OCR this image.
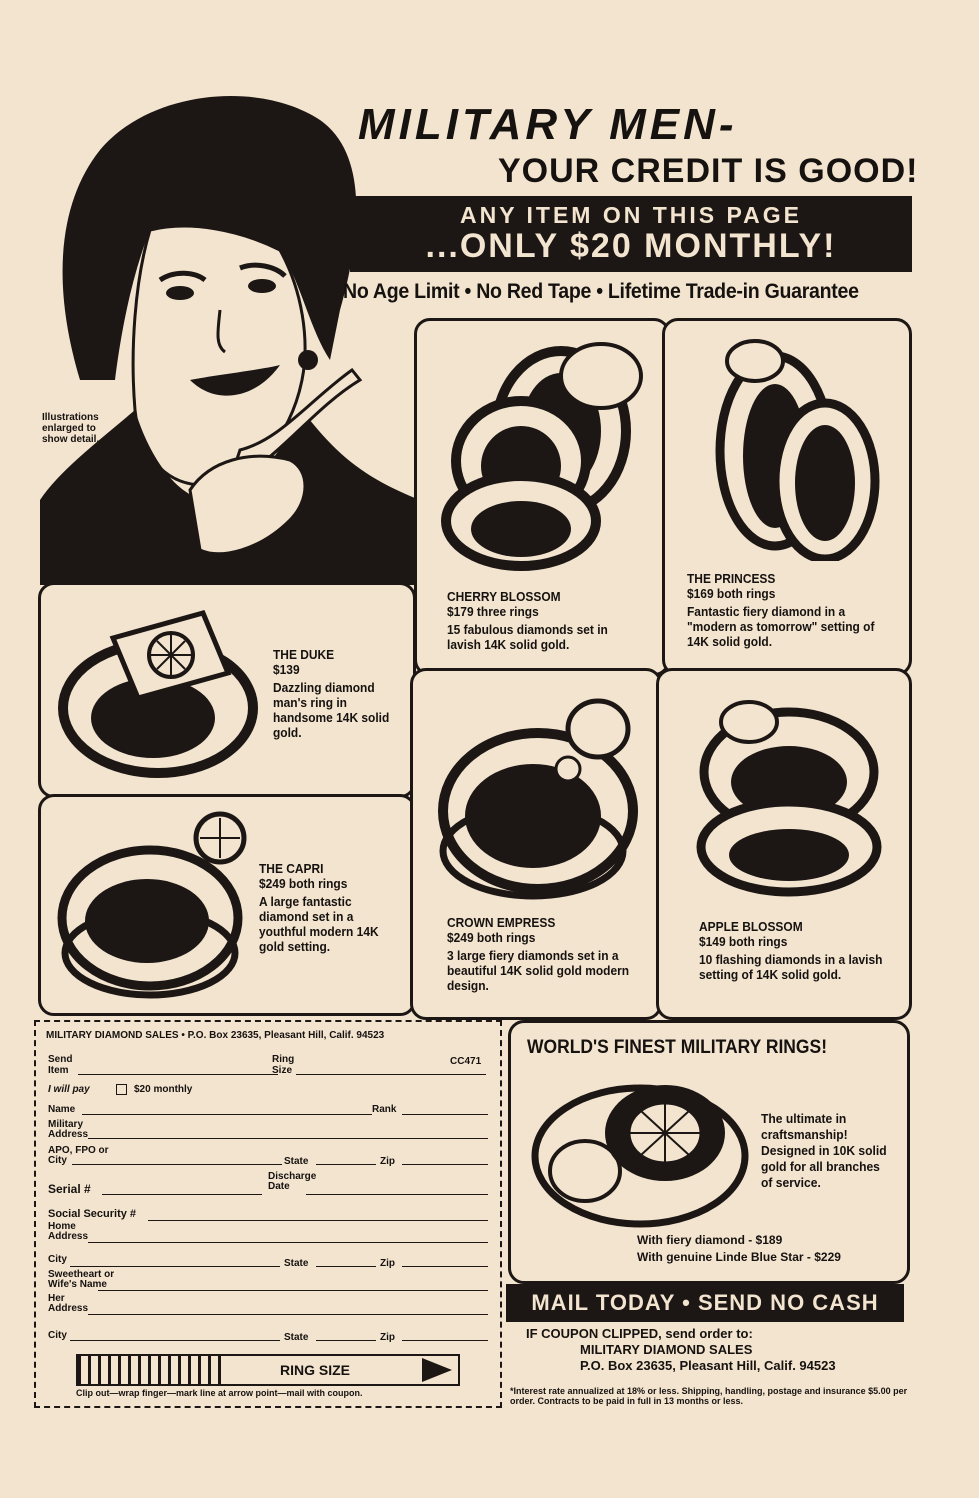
MILITARY MEN-
YOUR CREDIT IS GOOD!
ANY ITEM ON THIS PAGE
...ONLY $20 MONTHLY!
No Age Limit • No Red Tape • Lifetime Trade-in Guarantee
Illustrations enlarged to show detail.
CHERRY BLOSSOM
$179 three rings
15 fabulous diamonds set in lavish 14K solid gold.
THE PRINCESS
$169 both rings
Fantastic fiery diamond in a "modern as tomorrow" setting of 14K solid gold.
THE DUKE
$139
Dazzling diamond man's ring in handsome 14K solid gold.
THE CAPRI
$249 both rings
A large fantastic diamond set in a youthful modern 14K gold setting.
CROWN EMPRESS
$249 both rings
3 large fiery diamonds set in a beautiful 14K solid gold modern design.
APPLE BLOSSOM
$149 both rings
10 flashing diamonds in a lavish setting of 14K solid gold.
MILITARY DIAMOND SALES • P.O. Box 23635, Pleasant Hill, Calif. 94523
CC471
Send Item
Ring Size
I will pay	$20 monthly
Name	Rank
Military Address
APO, FPO or City	State	Zip
Serial #
Discharge Date
Social Security #
Home Address
City	State	Zip
Sweetheart or Wife's Name
Her Address
City	State	Zip
RING SIZE
Clip out—wrap finger—mark line at arrow point—mail with coupon.
WORLD'S FINEST MILITARY RINGS!
The ultimate in craftsmanship! Designed in 10K solid gold for all branches of service.
With fiery diamond - $189
With genuine Linde Blue Star - $229
MAIL TODAY • SEND NO CASH
IF COUPON CLIPPED, send order to:
MILITARY DIAMOND SALES
P.O. Box 23635, Pleasant Hill, Calif. 94523
*Interest rate annualized at 18% or less. Shipping, handling, postage and insurance $5.00 per order. Contracts to be paid in full in 13 months or less.
